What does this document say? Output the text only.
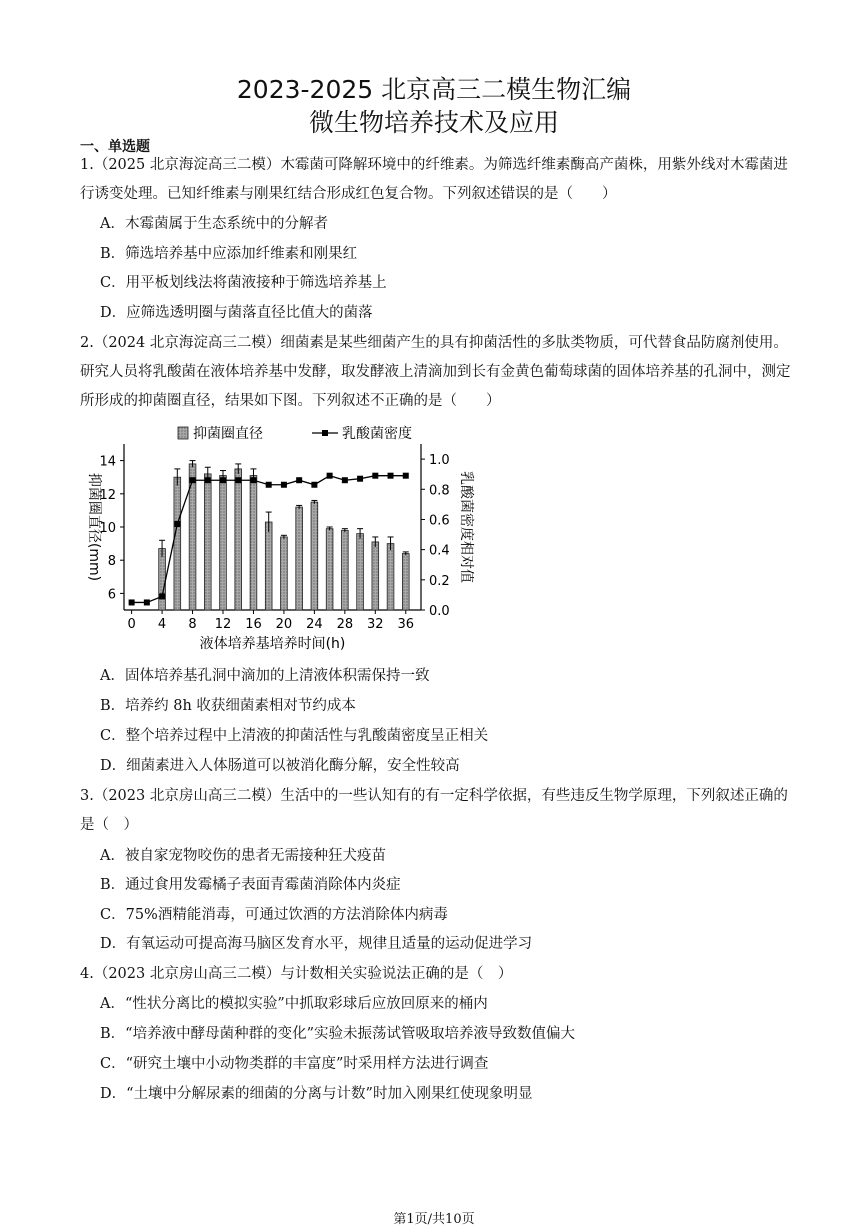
2023-2025 北京高三二模生物汇编
微生物培养技术及应用
一、单选题
1.（2025 北京海淀高三二模）木霉菌可降解环境中的纤维素。为筛选纤维素酶高产菌株，用紫外线对木霉菌进行诱变处理。已知纤维素与刚果红结合形成红色复合物。下列叙述错误的是（　　）
A．木霉菌属于生态系统中的分解者
B．筛选培养基中应添加纤维素和刚果红
C．用平板划线法将菌液接种于筛选培养基上
D．应筛选透明圈与菌落直径比值大的菌落
2.（2024 北京海淀高三二模）细菌素是某些细菌产生的具有抑菌活性的多肽类物质，可代替食品防腐剂使用。研究人员将乳酸菌在液体培养基中发酵，取发酵液上清滴加到长有金黄色葡萄球菌的固体培养基的孔洞中，测定所形成的抑菌圈直径，结果如下图。下列叙述不正确的是（　　）
0 4 8 12 16 20 24 28 32 36
6
8
10
12
14
0.0
0.2
0.4
0.6
0.8
1.0
液体培养基培养时间(h)
抑菌圈直径(mm)	乳酸菌密度相对值
抑菌圈直径	乳酸菌密度
A．固体培养基孔洞中滴加的上清液体积需保持一致
B．培养约 8h 收获细菌素相对节约成本
C．整个培养过程中上清液的抑菌活性与乳酸菌密度呈正相关
D．细菌素进入人体肠道可以被消化酶分解，安全性较高
3.（2023 北京房山高三二模）生活中的一些认知有的有一定科学依据，有些违反生物学原理，下列叙述正确的是（　）
A．被自家宠物咬伤的患者无需接种狂犬疫苗
B．通过食用发霉橘子表面青霉菌消除体内炎症
C．75%酒精能消毒，可通过饮酒的方法消除体内病毒
D．有氧运动可提高海马脑区发育水平，规律且适量的运动促进学习
4.（2023 北京房山高三二模）与计数相关实验说法正确的是（　）
A．“性状分离比的模拟实验”中抓取彩球后应放回原来的桶内
B．“培养液中酵母菌种群的变化”实验未振荡试管吸取培养液导致数值偏大
C．“研究土壤中小动物类群的丰富度”时采用样方法进行调查
D．“土壤中分解尿素的细菌的分离与计数”时加入刚果红使现象明显
第1页/共10页
